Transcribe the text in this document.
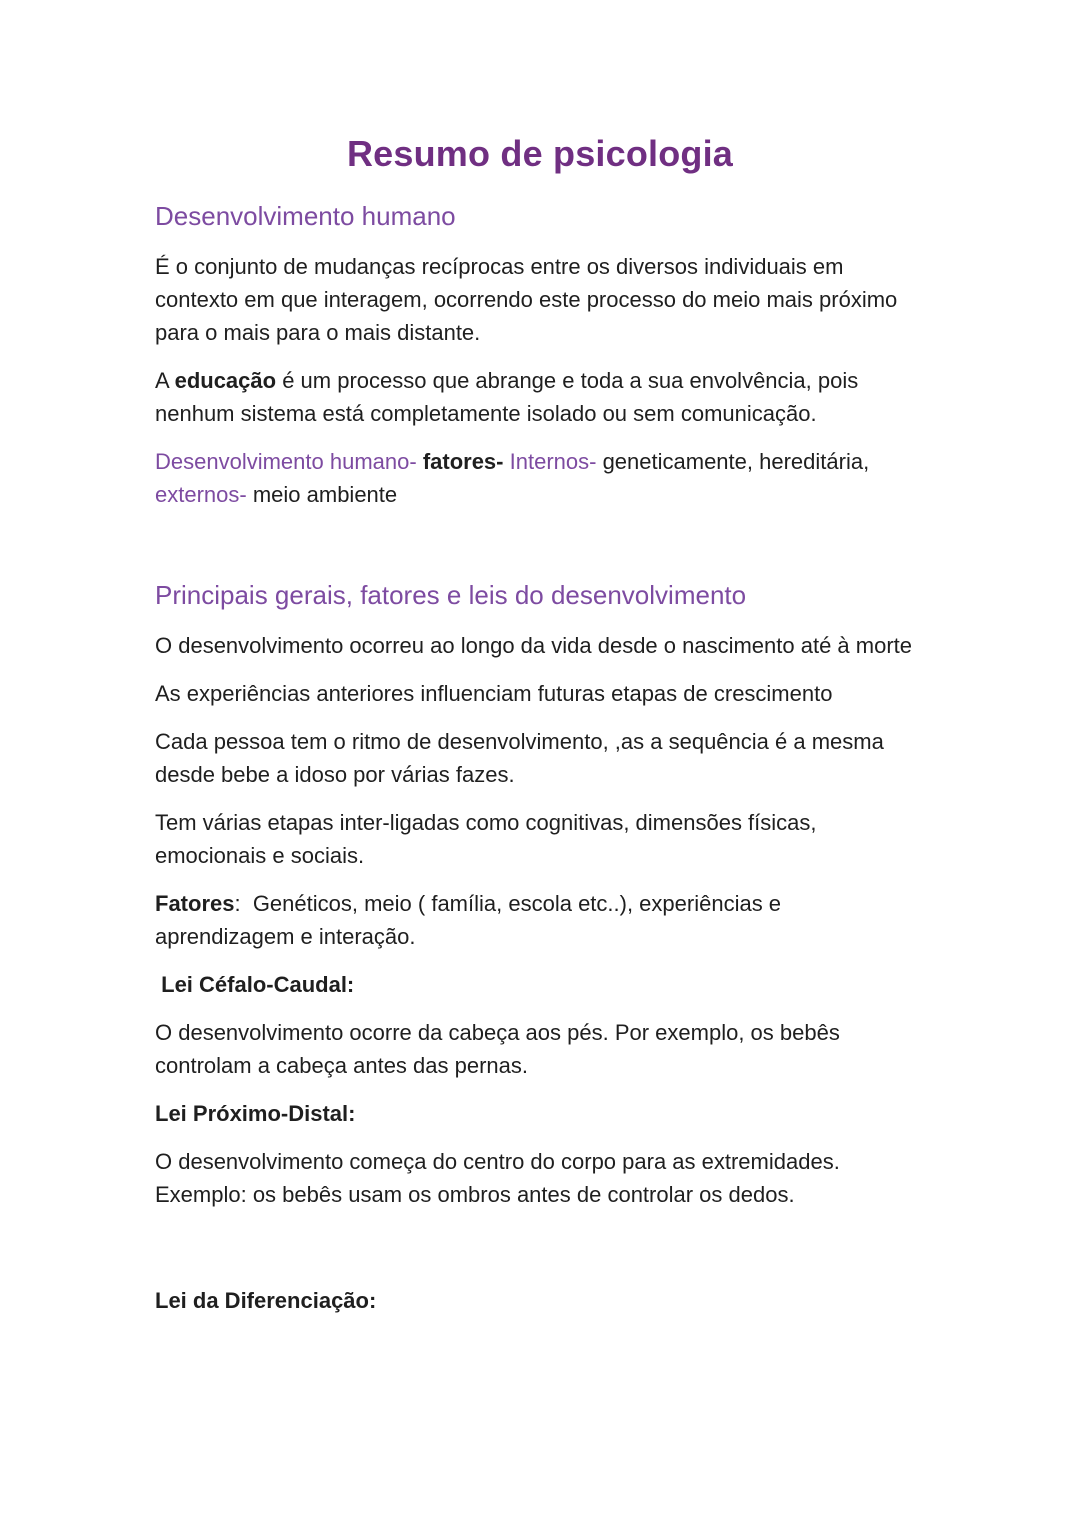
Resumo de psicologia
Desenvolvimento humano

É o conjunto de mudanças recíprocas entre os diversos individuais em contexto em que interagem, ocorrendo este processo do meio mais próximo para o mais para o mais distante.

A educação é um processo que abrange e toda a sua envolvência, pois nenhum sistema está completamente isolado ou sem comunicação.

Desenvolvimento humano- fatores- Internos- geneticamente, hereditária, externos- meio ambiente

Principais gerais, fatores e leis do desenvolvimento

O desenvolvimento ocorreu ao longo da vida desde o nascimento até à morte

As experiências anteriores influenciam futuras etapas de crescimento

Cada pessoa tem o ritmo de desenvolvimento, ,as a sequência é a mesma desde bebe a idoso por várias fazes.

Tem várias etapas inter-ligadas como cognitivas, dimensões físicas, emocionais e sociais.

Fatores:  Genéticos, meio ( família, escola etc..), experiências e aprendizagem e interação.

Lei Céfalo-Caudal:

O desenvolvimento ocorre da cabeça aos pés. Por exemplo, os bebês controlam a cabeça antes das pernas.

Lei Próximo-Distal:

O desenvolvimento começa do centro do corpo para as extremidades. Exemplo: os bebês usam os ombros antes de controlar os dedos.

Lei da Diferenciação:
